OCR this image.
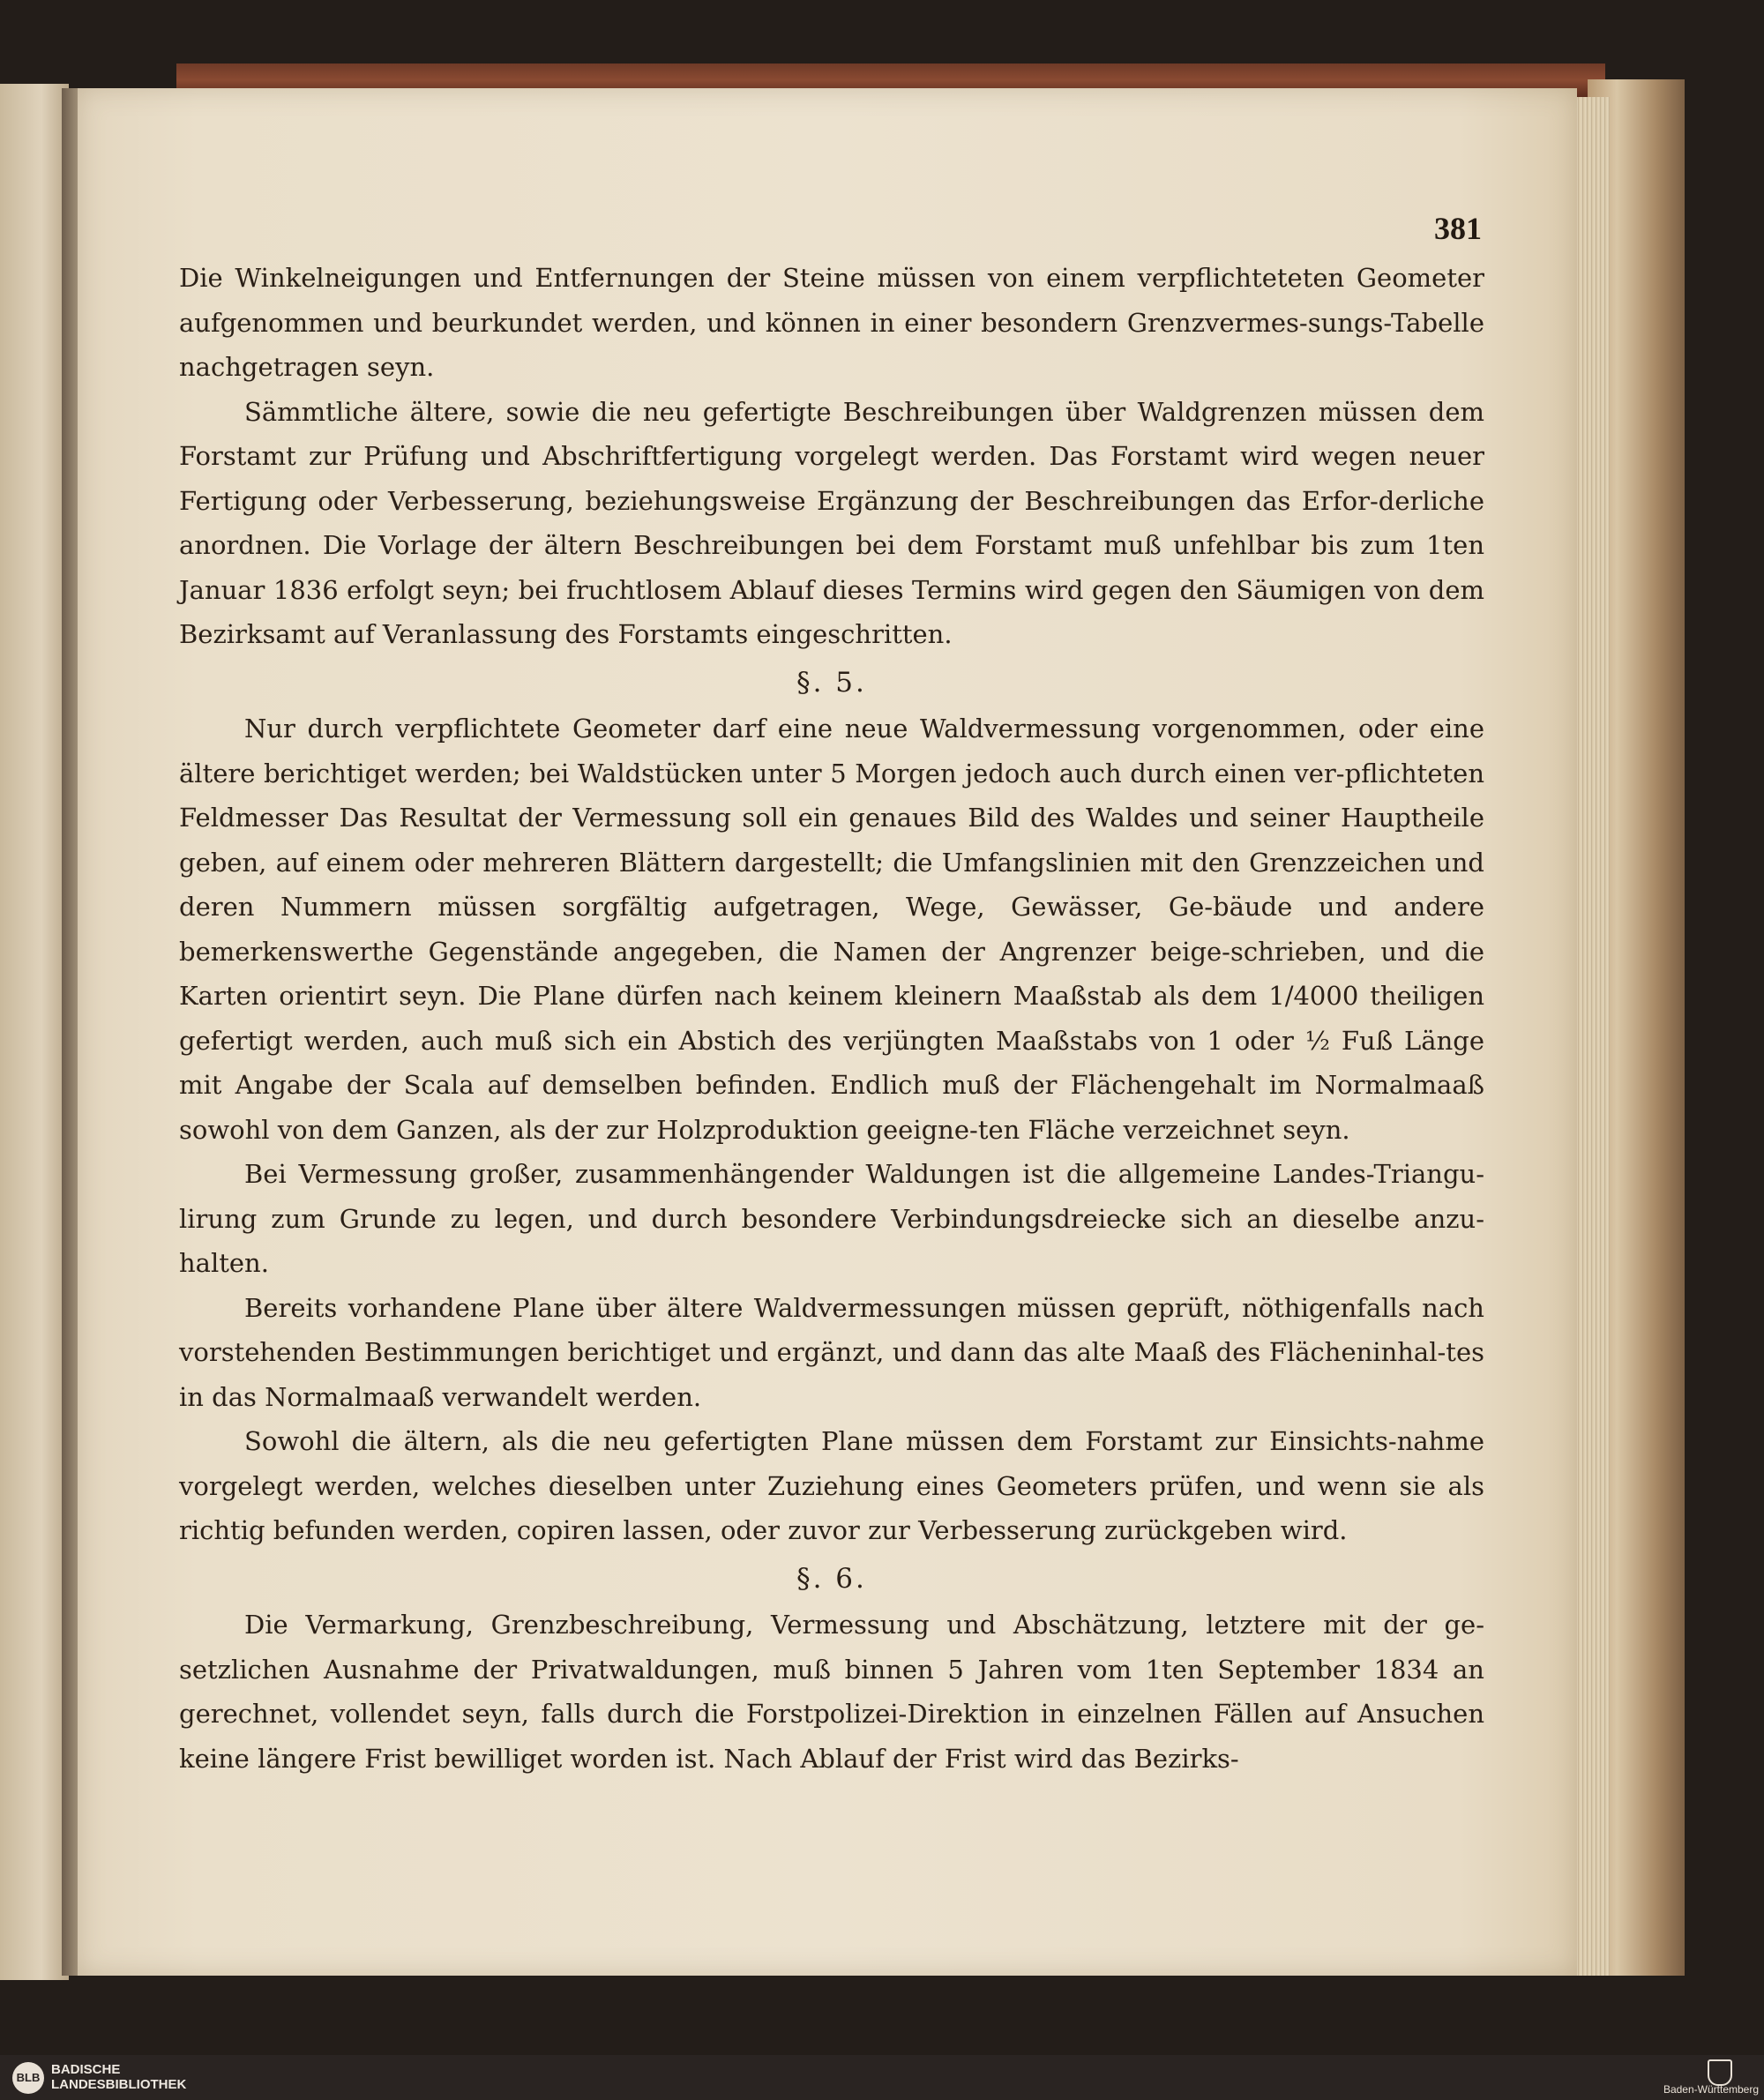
381

Die Winkelneigungen und Entfernungen der Steine müssen von einem verpflichteteten Geometer aufgenommen und beurkundet werden, und können in einer besondern Grenzvermes-sungs-Tabelle nachgetragen seyn.

Sämmtliche ältere, sowie die neu gefertigte Beschreibungen über Waldgrenzen müssen dem Forstamt zur Prüfung und Abschriftfertigung vorgelegt werden. Das Forstamt wird wegen neuer Fertigung oder Verbesserung, beziehungsweise Ergänzung der Beschreibungen das Erfor-derliche anordnen. Die Vorlage der ältern Beschreibungen bei dem Forstamt muß unfehlbar bis zum 1ten Januar 1836 erfolgt seyn; bei fruchtlosem Ablauf dieses Termins wird gegen den Säumigen von dem Bezirksamt auf Veranlassung des Forstamts eingeschritten.

§. 5.

Nur durch verpflichtete Geometer darf eine neue Waldvermessung vorgenommen, oder eine ältere berichtiget werden; bei Waldstücken unter 5 Morgen jedoch auch durch einen ver-pflichteten Feldmesser Das Resultat der Vermessung soll ein genaues Bild des Waldes und seiner Hauptheile geben, auf einem oder mehreren Blättern dargestellt; die Umfangslinien mit den Grenzzeichen und deren Nummern müssen sorgfältig aufgetragen, Wege, Gewässer, Ge-bäude und andere bemerkenswerthe Gegenstände angegeben, die Namen der Angrenzer beige-schrieben, und die Karten orientirt seyn. Die Plane dürfen nach keinem kleinern Maaßstab als dem 1/4000 theiligen gefertigt werden, auch muß sich ein Abstich des verjüngten Maaßstabs von 1 oder ½ Fuß Länge mit Angabe der Scala auf demselben befinden. Endlich muß der Flächengehalt im Normalmaaß sowohl von dem Ganzen, als der zur Holzproduktion geeigne-ten Fläche verzeichnet seyn.

Bei Vermessung großer, zusammenhängender Waldungen ist die allgemeine Landes-Triangu-lirung zum Grunde zu legen, und durch besondere Verbindungsdreiecke sich an dieselbe anzu-halten.

Bereits vorhandene Plane über ältere Waldvermessungen müssen geprüft, nöthigenfalls nach vorstehenden Bestimmungen berichtiget und ergänzt, und dann das alte Maaß des Flächeninhal-tes in das Normalmaaß verwandelt werden.

Sowohl die ältern, als die neu gefertigten Plane müssen dem Forstamt zur Einsichts-nahme vorgelegt werden, welches dieselben unter Zuziehung eines Geometers prüfen, und wenn sie als richtig befunden werden, copiren lassen, oder zuvor zur Verbesserung zurückgeben wird.

§. 6.

Die Vermarkung, Grenzbeschreibung, Vermessung und Abschätzung, letztere mit der ge-setzlichen Ausnahme der Privatwaldungen, muß binnen 5 Jahren vom 1ten September 1834 an gerechnet, vollendet seyn, falls durch die Forstpolizei-Direktion in einzelnen Fällen auf Ansuchen keine längere Frist bewilliget worden ist. Nach Ablauf der Frist wird das Bezirks-

BLB
BADISCHE
LANDESBIBLIOTHEK	Baden-Württemberg
